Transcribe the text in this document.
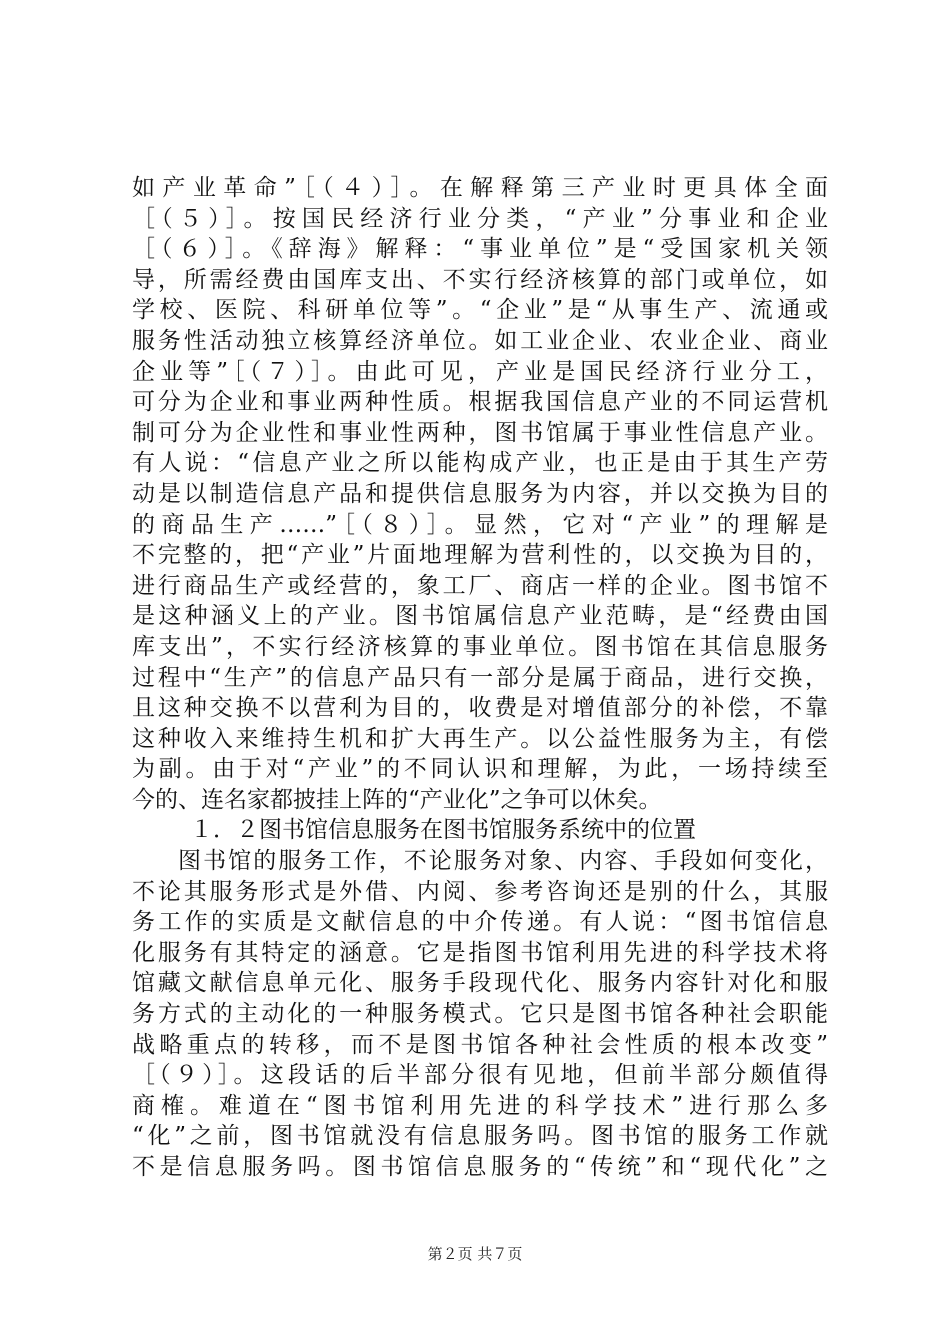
如产业革命”［（４）］。在解释第三产业时更具体全面
［（５）］。按国民经济行业分类，“产业”分事业和企业
［（６）］。《辞海》解释：“事业单位”是“受国家机关领
导，所需经费由国库支出、不实行经济核算的部门或单位，如
学校、医院、科研单位等”。“企业”是“从事生产、流通或
服务性活动独立核算经济单位。如工业企业、农业企业、商业
企业等”［（７）］。由此可见，产业是国民经济行业分工，
可分为企业和事业两种性质。根据我国信息产业的不同运营机
制可分为企业性和事业性两种，图书馆属于事业性信息产业。
有人说：“信息产业之所以能构成产业，也正是由于其生产劳
动是以制造信息产品和提供信息服务为内容，并以交换为目的
的商品生产……”［（８）］。显然，它对“产业”的理解是
不完整的，把“产业”片面地理解为营利性的，以交换为目的，
进行商品生产或经营的，象工厂、商店一样的企业。图书馆不
是这种涵义上的产业。图书馆属信息产业范畴，是“经费由国
库支出”，不实行经济核算的事业单位。图书馆在其信息服务
过程中“生产”的信息产品只有一部分是属于商品，进行交换，
且这种交换不以营利为目的，收费是对增值部分的补偿，不靠
这种收入来维持生机和扩大再生产。以公益性服务为主，有偿
为副。由于对“产业”的不同认识和理解，为此，一场持续至
今的、连名家都披挂上阵的“产业化”之争可以休矣。
１．２图书馆信息服务在图书馆服务系统中的位置
图书馆的服务工作，不论服务对象、内容、手段如何变化，
不论其服务形式是外借、内阅、参考咨询还是别的什么，其服
务工作的实质是文献信息的中介传递。有人说：“图书馆信息
化服务有其特定的涵意。它是指图书馆利用先进的科学技术将
馆藏文献信息单元化、服务手段现代化、服务内容针对化和服
务方式的主动化的一种服务模式。它只是图书馆各种社会职能
战略重点的转移，而不是图书馆各种社会性质的根本改变”
［（９）］。这段话的后半部分很有见地，但前半部分颇值得
商榷。难道在“图书馆利用先进的科学技术”进行那么多
“化”之前，图书馆就没有信息服务吗。图书馆的服务工作就
不是信息服务吗。图书馆信息服务的“传统”和“现代化”之
第２页 共７页
